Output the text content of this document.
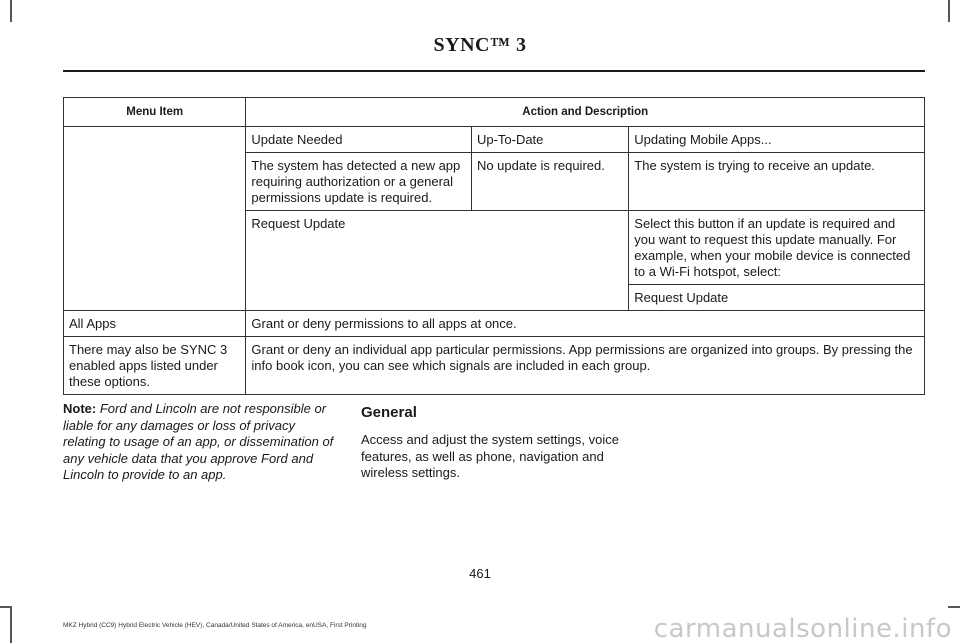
SYNC™ 3
Menu Item	Action and Description		
	Update Needed	Up-To-Date	Updating Mobile Apps...
	The system has detected a new app requiring authorization or a general permissions update is required.	No update is required.	The system is trying to receive an update.
	Request Update		Select this button if an update is required and you want to request this update manually. For example, when your mobile device is connected to a Wi-Fi hotspot, select:
			Request Update
All Apps	Grant or deny permissions to all apps at once.		
There may also be SYNC 3 enabled apps listed under these options.	Grant or deny an individual app particular permissions. App permissions are organized into groups. By pressing the info book icon, you can see which signals are included in each group.		
Note: Ford and Lincoln are not responsible or liable for any damages or loss of privacy relating to usage of an app, or dissemination of any vehicle data that you approve Ford and Lincoln to provide to an app.
General
Access and adjust the system settings, voice features, as well as phone, navigation and wireless settings.
461
MKZ Hybrid (CC9) Hybrid Electric Vehicle (HEV), Canada/United States of America, enUSA, First Printing	carmanualsonline.info
